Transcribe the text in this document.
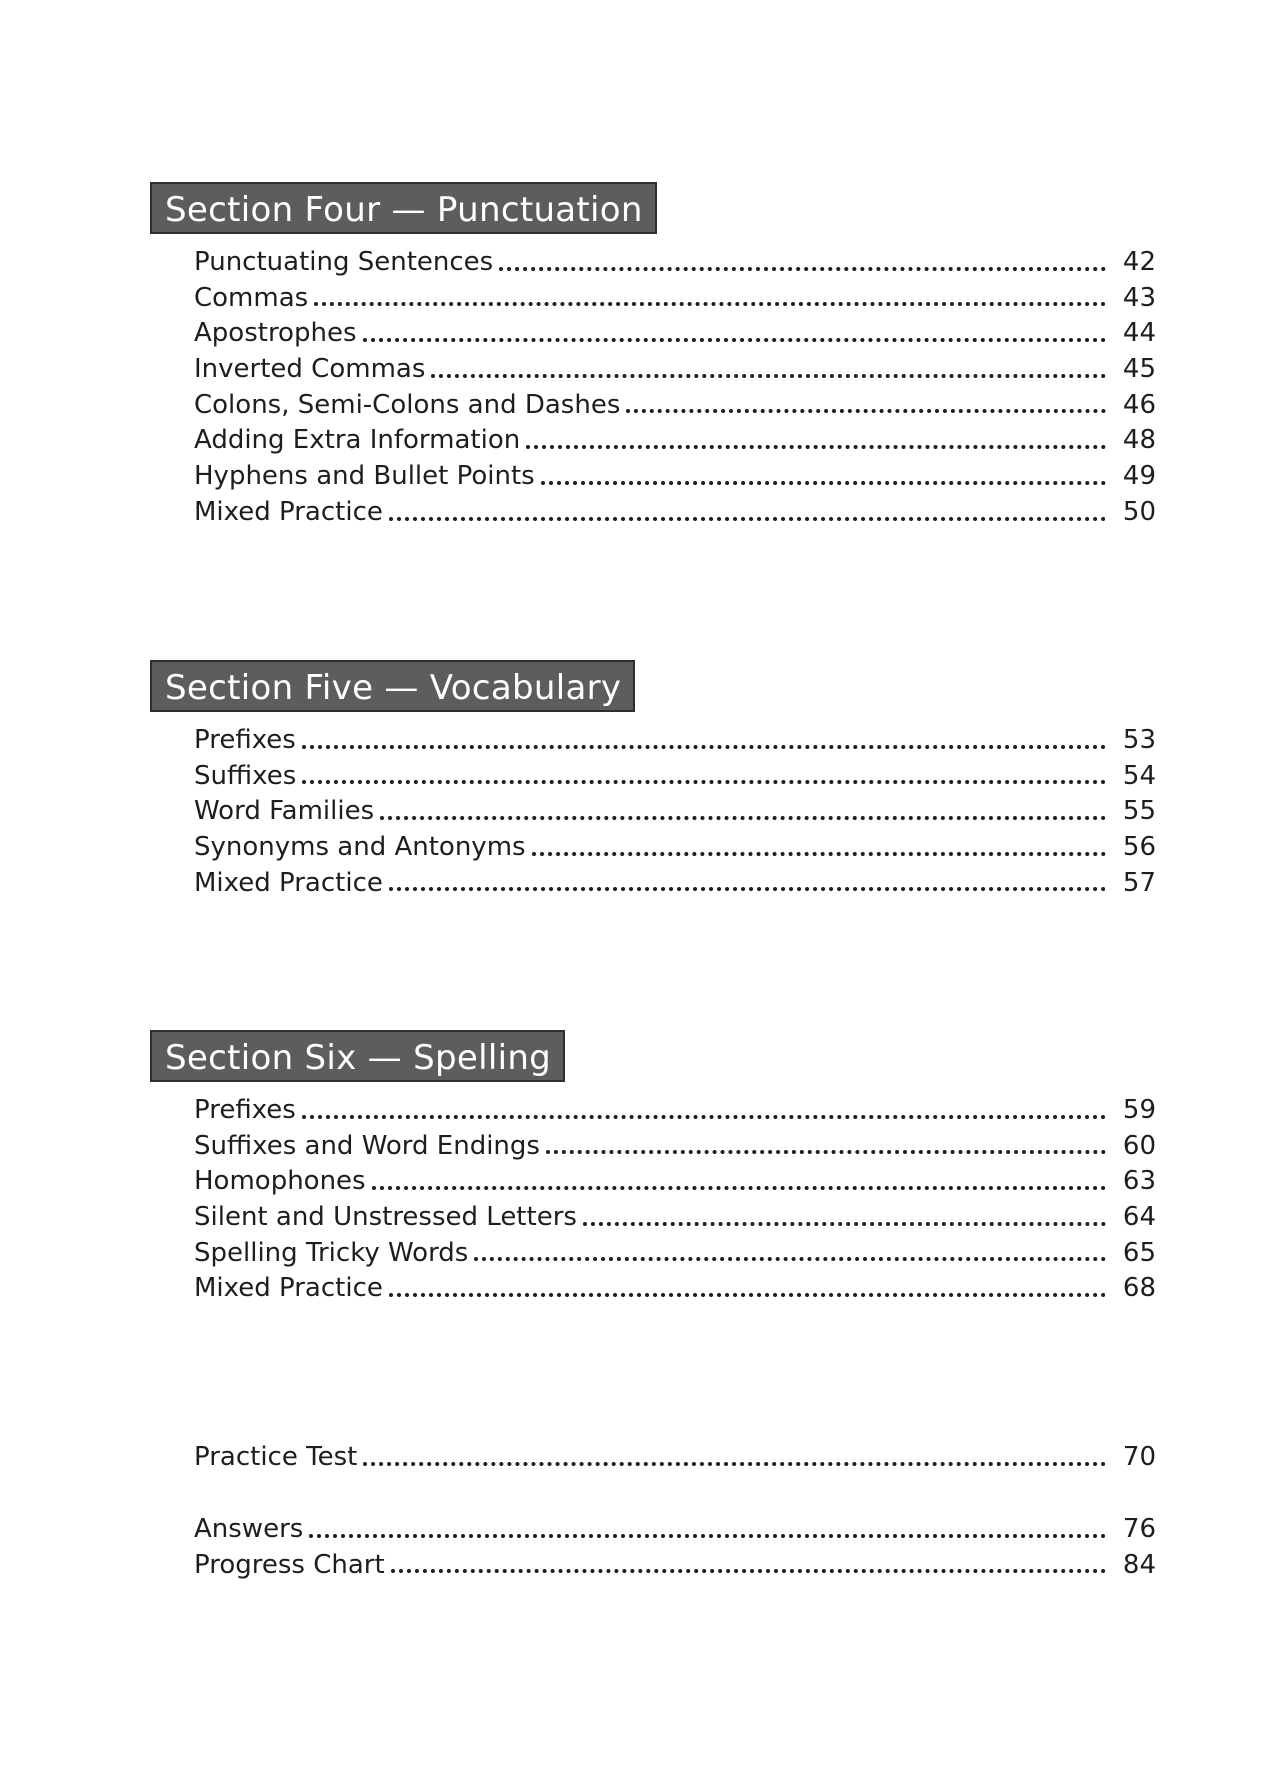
Section Four — Punctuation
Punctuating Sentences	42
Commas	43
Apostrophes	44
Inverted Commas	45
Colons, Semi-Colons and Dashes	46
Adding Extra Information	48
Hyphens and Bullet Points	49
Mixed Practice	50
Section Five — Vocabulary
Prefixes	53
Suffixes	54
Word Families	55
Synonyms and Antonyms	56
Mixed Practice	57
Section Six — Spelling
Prefixes	59
Suffixes and Word Endings	60
Homophones	63
Silent and Unstressed Letters	64
Spelling Tricky Words	65
Mixed Practice	68
Practice Test	70
Answers	76
Progress Chart	84
